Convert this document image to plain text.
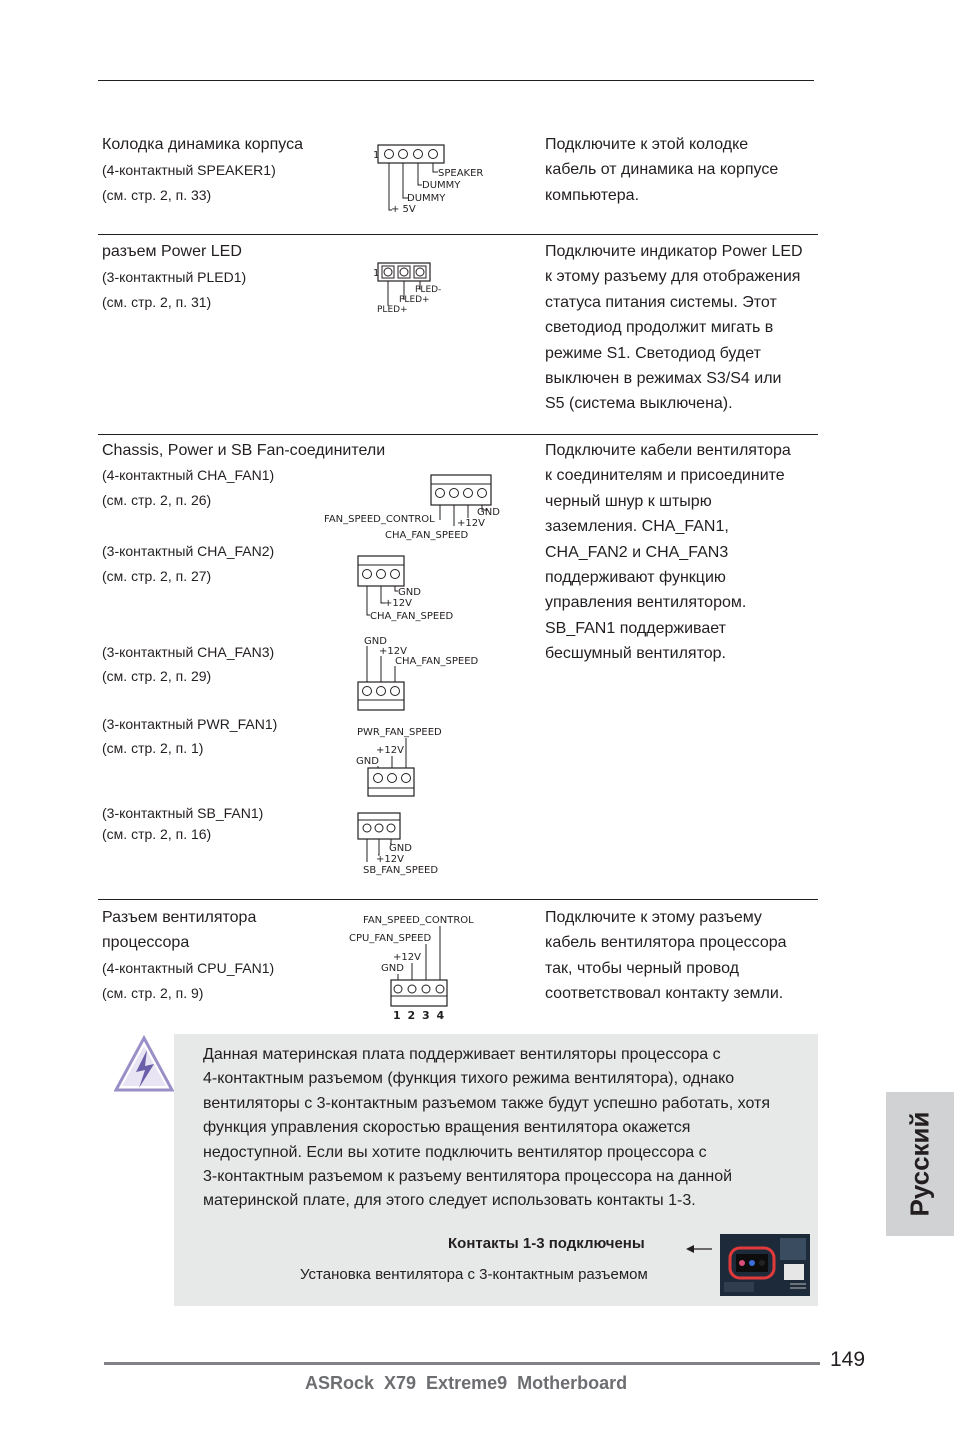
Колодка динамика корпуса
(4-контактный SPEAKER1)
(см. стр. 2, п. 33)
Подключите к этой колодке
кабель от динамика на корпусе
компьютера.
1
SPEAKER
DUMMY
DUMMY
+ 5V
разъем Power LED
(3-контактный PLED1)
(см. стр. 2, п. 31)
Подключите индикатор Power LED
к этому разъему для отображения
статуса питания системы. Этот
светодиод продолжит мигать в
режиме S1. Светодиод будет
выключен в режимах S3/S4 или
S5 (система выключена).
1
PLED-
PLED+
PLED+
Chassis, Power и SB Fan-соединители	Подключите кабели вентилятора
к соединителям и присоедините
черный шнур к штырю
заземления. CHA_FAN1,
CHA_FAN2 и CHA_FAN3
поддерживают функцию
управления вентилятором.
SB_FAN1 поддерживает
бесшумный вентилятор.
(4-контактный CHA_FAN1)
(см. стр. 2, п. 26)
FAN_SPEED_CONTROL +12V
GND
CHA_FAN_SPEED
(3-контактный CHA_FAN2)
(см. стр. 2, п. 27)
GND
+12V
CHA_FAN_SPEED
(3-контактный CHA_FAN3)
(см. стр. 2, п. 29)
GND
+12V
CHA_FAN_SPEED
(3-контактный PWR_FAN1)
(см. стр. 2, п. 1)
PWR_FAN_SPEED
+12V
GND
(3-контактный SB_FAN1)
(см. стр. 2, п. 16)
GND
+12V
SB_FAN_SPEED
Разъем вентилятора
процессора
(4-контактный CPU_FAN1)
(см. стр. 2, п. 9)
Подключите к этому разъему
кабель вентилятора процессора
так, чтобы черный провод
соответствовал контакту земли.
FAN_SPEED_CONTROL
CPU_FAN_SPEED
+12V
GND
1 2 3 4
Данная материнская плата поддерживает вентиляторы процессора с
4-контактным разъемом (функция тихого режима вентилятора), однако
вентиляторы с 3-контактным разъемом также будут успешно работать, хотя
функция управления скоростью вращения вентилятора окажется
недоступной. Если вы хотите подключить вентилятор процессора с
3-контактным разъемом к разъему вентилятора процессора на данной
материнской плате, для этого следует использовать контакты 1-3.
Контакты 1-3 подключены
Установка вентилятора с 3-контактным разъемом
Русский
149
ASRock  X79  Extreme9  Motherboard
